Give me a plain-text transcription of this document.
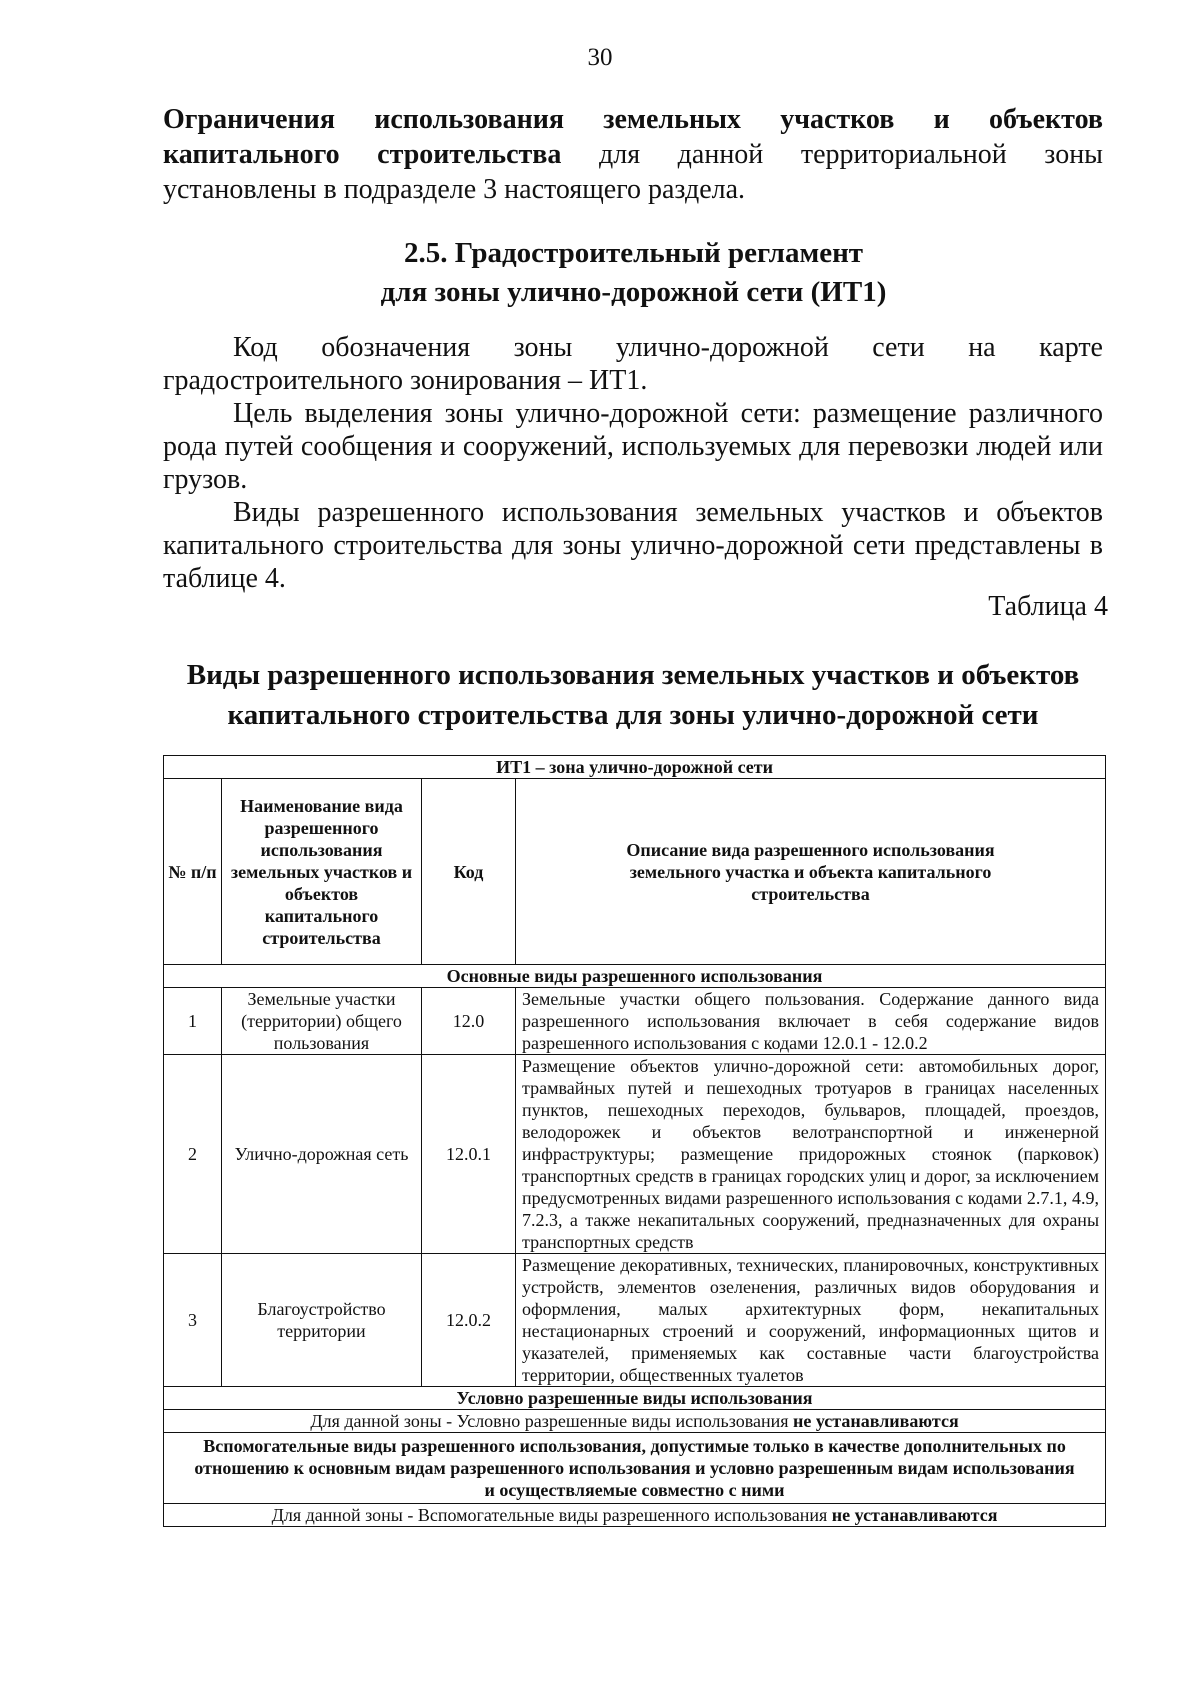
30
Ограничения использования земельных участков и объектов капитального строительства для данной территориальной зоны установлены в подразделе 3 настоящего раздела.
2.5. Градостроительный регламент
для зоны улично-дорожной сети (ИТ1)

Код обозначения зоны улично-дорожной сети на карте градостроительного зонирования – ИТ1.

Цель выделения зоны улично-дорожной сети: размещение различного рода путей сообщения и сооружений, используемых для перевозки людей или грузов.

Виды разрешенного использования земельных участков и объектов капитального строительства для зоны улично-дорожной сети представлены в таблице 4.

Таблица 4
Виды разрешенного использования земельных участков и объектов
капитального строительства для зоны улично-дорожной сети
ИТ1 – зона улично-дорожной сети			
№ п/п	Наименование вида разрешенного использования земельных участков и объектов капитального строительства	Код	Описание вида разрешенного использования земельного участка и объекта капитального строительства
Основные виды разрешенного использования			
1	Земельные участки (территории) общего пользования	12.0	Земельные участки общего пользования. Содержание данного вида разрешенного использования включает в себя содержание видов разрешенного использования с кодами 12.0.1 - 12.0.2
2	Улично-дорожная сеть	12.0.1	Размещение объектов улично-дорожной сети: автомобильных дорог, трамвайных путей и пешеходных тротуаров в границах населенных пунктов, пешеходных переходов, бульваров, площадей, проездов, велодорожек и объектов велотранспортной и инженерной инфраструктуры; размещение придорожных стоянок (парковок) транспортных средств в границах городских улиц и дорог, за исключением предусмотренных видами разрешенного использования с кодами 2.7.1, 4.9, 7.2.3, а также некапитальных сооружений, предназначенных для охраны транспортных средств
3	Благоустройство территории	12.0.2	Размещение декоративных, технических, планировочных, конструктивных устройств, элементов озеленения, различных видов оборудования и оформления, малых архитектурных форм, некапитальных нестационарных строений и сооружений, информационных щитов и указателей, применяемых как составные части благоустройства территории, общественных туалетов
Условно разрешенные виды использования			
Для данной зоны - Условно разрешенные виды использования не устанавливаются			
Вспомогательные виды разрешенного использования, допустимые только в качестве дополнительных по отношению к основным видам разрешенного использования и условно разрешенным видам использования и осуществляемые совместно с ними			
Для данной зоны - Вспомогательные виды разрешенного использования не устанавливаются			
